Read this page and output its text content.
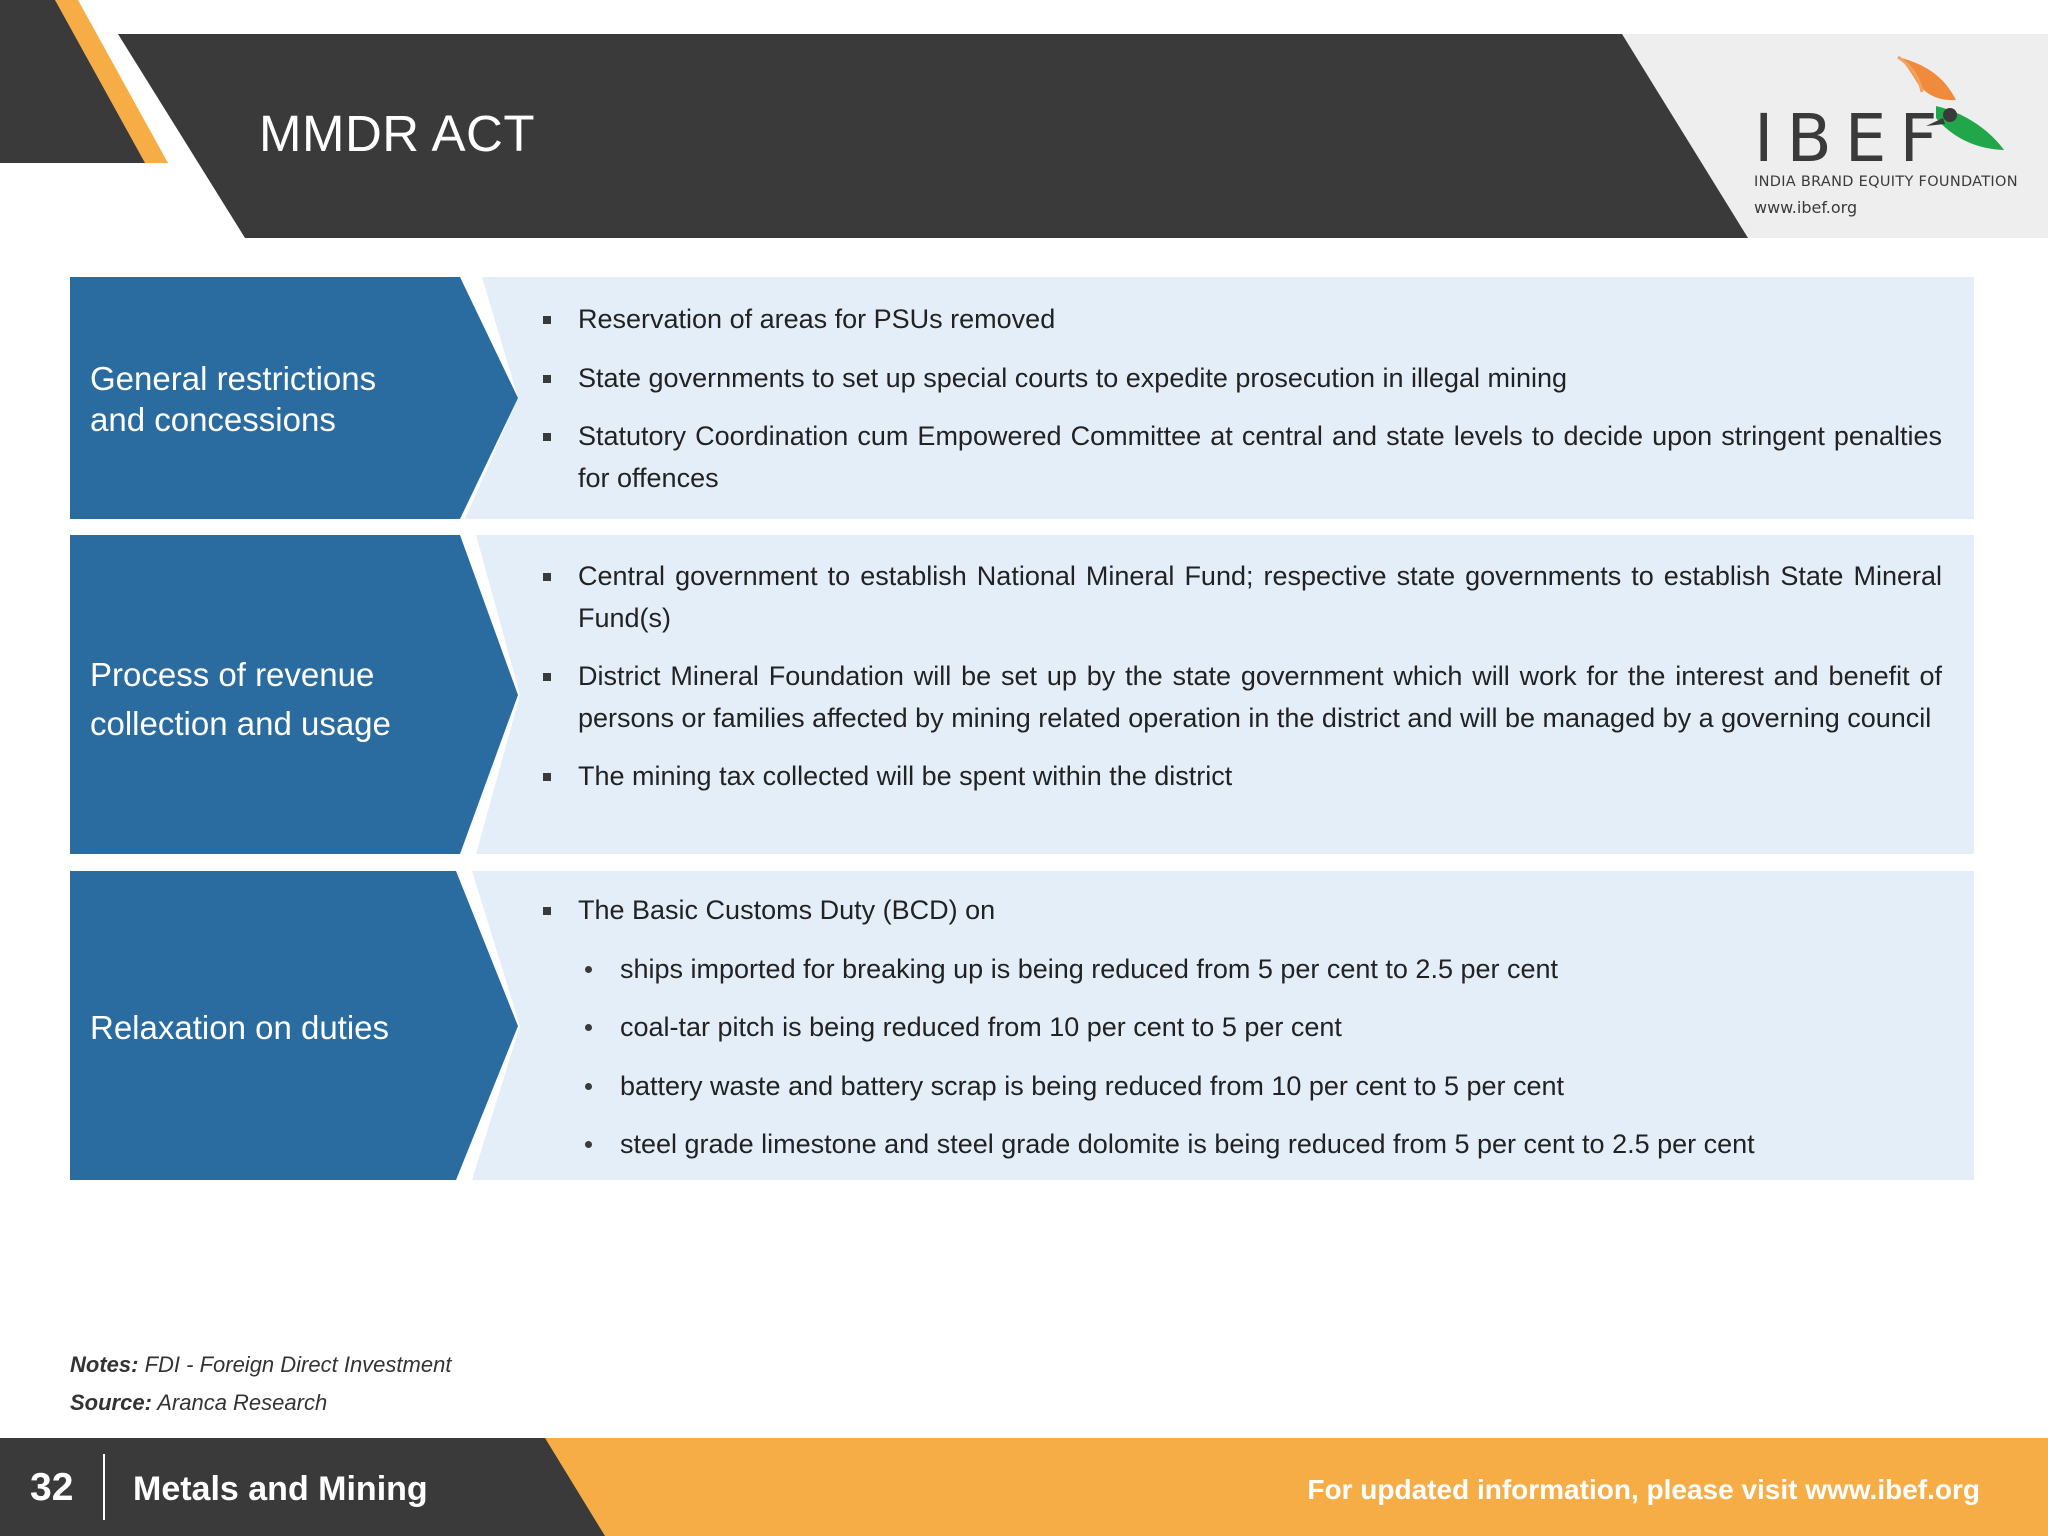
MMDR ACT	IBEF
INDIA BRAND EQUITY FOUNDATION
www.ibef.org
General restrictions
and concessions
Reservation of areas for PSUs removed
State governments to set up special courts to expedite prosecution in illegal mining
Statutory Coordination cum Empowered Committee at central and state levels to decide upon stringent penalties for offences
Process of revenue
collection and usage
Central government to establish National Mineral Fund; respective state governments to establish State Mineral Fund(s)
District Mineral Foundation will be set up by the state government which will work for the interest and benefit of persons or families affected by mining related operation in the district and will be managed by a governing council
The mining tax collected will be spent within the district
Relaxation on duties
The Basic Customs Duty (BCD) on
ships imported for breaking up is being reduced from 5 per cent to 2.5 per cent
coal-tar pitch is being reduced from 10 per cent to 5 per cent
battery waste and battery scrap is being reduced from 10 per cent to 5 per cent
steel grade limestone and steel grade dolomite is being reduced from 5 per cent to 2.5 per cent
Notes: FDI - Foreign Direct Investment
Source: Aranca Research
32 Metals and Mining	For updated information, please visit www.ibef.org
